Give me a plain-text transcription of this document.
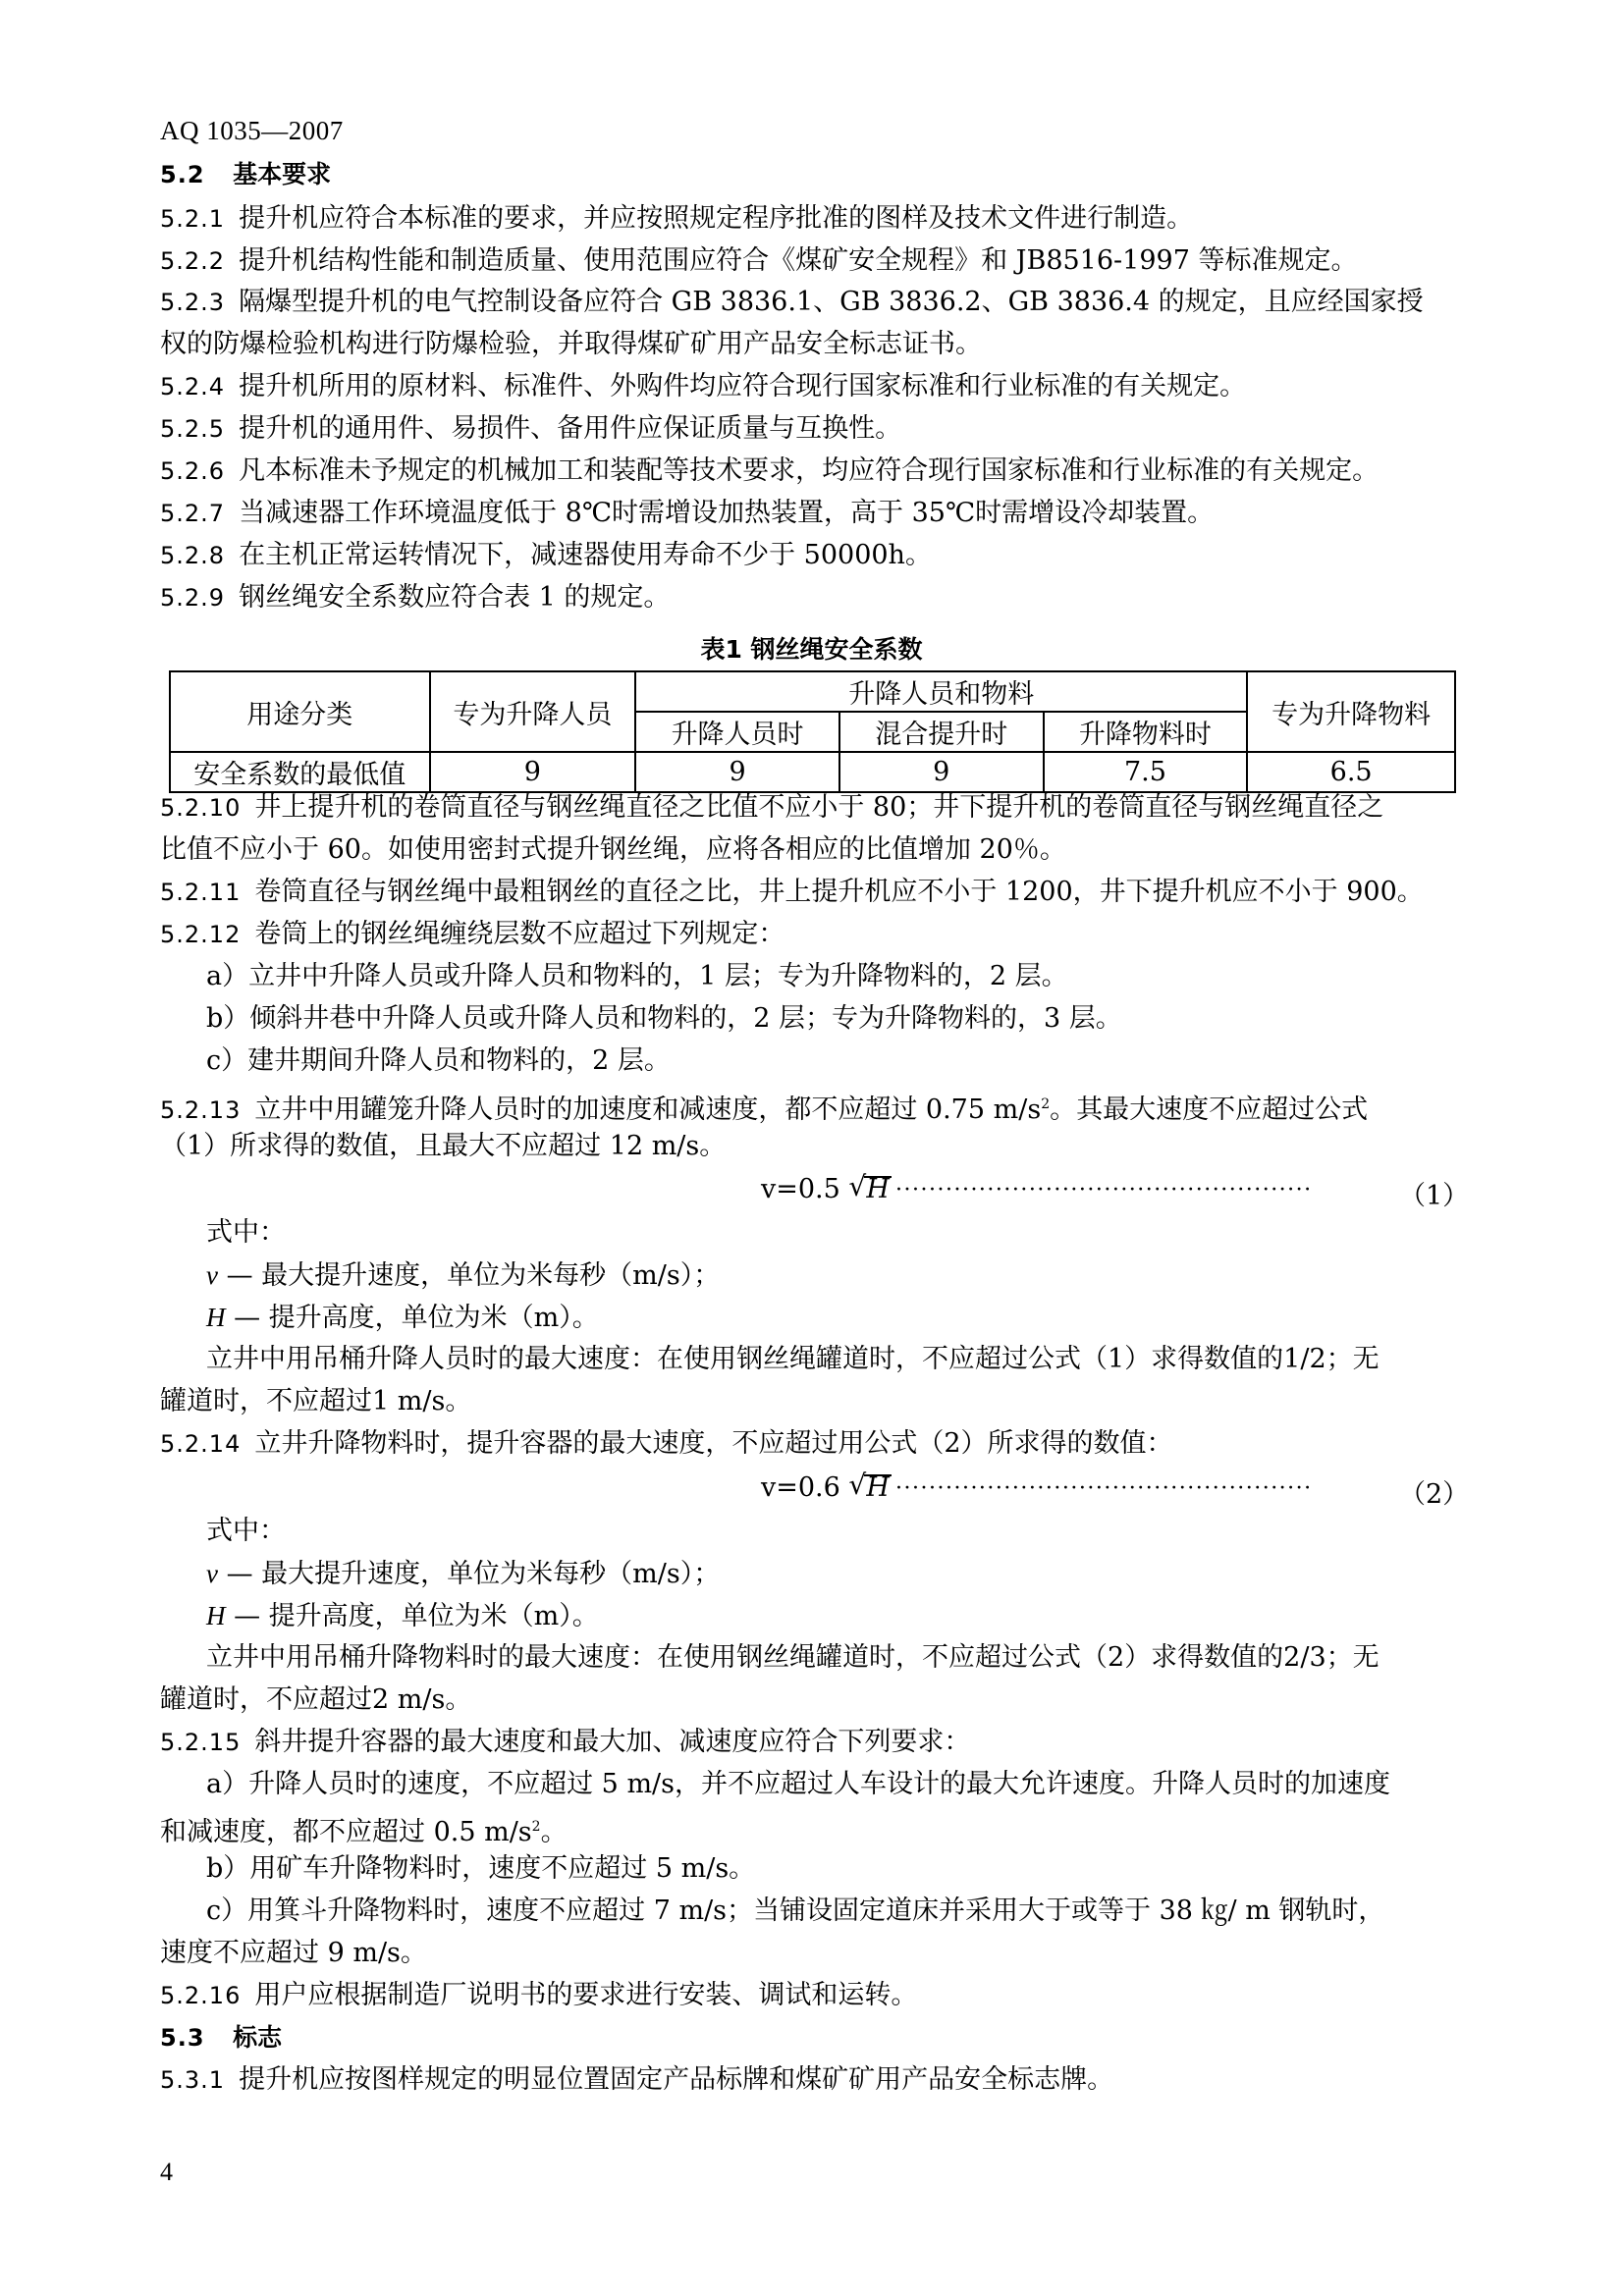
AQ 1035—2007
5.2 基本要求
5.2.1 提升机应符合本标准的要求，并应按照规定程序批准的图样及技术文件进行制造。
5.2.2 提升机结构性能和制造质量、使用范围应符合《煤矿安全规程》和 JB8516-1997 等标准规定。
5.2.3 隔爆型提升机的电气控制设备应符合 GB 3836.1、GB 3836.2、GB 3836.4 的规定，且应经国家授
权的防爆检验机构进行防爆检验，并取得煤矿矿用产品安全标志证书。
5.2.4 提升机所用的原材料、标准件、外购件均应符合现行国家标准和行业标准的有关规定。
5.2.5 提升机的通用件、易损件、备用件应保证质量与互换性。
5.2.6 凡本标准未予规定的机械加工和装配等技术要求，均应符合现行国家标准和行业标准的有关规定。
5.2.7 当减速器工作环境温度低于 8℃时需增设加热装置，高于 35℃时需增设冷却装置。
5.2.8 在主机正常运转情况下，减速器使用寿命不少于 50000h。
5.2.9 钢丝绳安全系数应符合表 1 的规定。
表1 钢丝绳安全系数
用途分类	专为升降人员	升降人员和物料			专为升降物料
		升降人员时	混合提升时	升降物料时	
安全系数的最低值	9	9	9	7.5	6.5
5.2.10 井上提升机的卷筒直径与钢丝绳直径之比值不应小于 80；井下提升机的卷筒直径与钢丝绳直径之
比值不应小于 60。如使用密封式提升钢丝绳，应将各相应的比值增加 20％。
5.2.11 卷筒直径与钢丝绳中最粗钢丝的直径之比，井上提升机应不小于 1200，井下提升机应不小于 900。
5.2.12 卷筒上的钢丝绳缠绕层数不应超过下列规定：
a）立井中升降人员或升降人员和物料的，1 层；专为升降物料的，2 层。
b）倾斜井巷中升降人员或升降人员和物料的，2 层；专为升降物料的，3 层。
c）建井期间升降人员和物料的，2 层。
5.2.13 立井中用罐笼升降人员时的加速度和减速度，都不应超过 0.75 $m/s^2$。其最大速度不应超过公式
（1）所求得的数值，且最大不应超过 12 m/s。
v=0.5 √ H ··················································	（1）
式中：
v — 最大提升速度，单位为米每秒（m/s）；
H — 提升高度，单位为米（m）。
立井中用吊桶升降人员时的最大速度：在使用钢丝绳罐道时，不应超过公式（1）求得数值的1/2；无
罐道时，不应超过1 m/s。
5.2.14 立井升降物料时，提升容器的最大速度，不应超过用公式（2）所求得的数值：
v=0.6 √ H ··················································	（2）
式中：
v — 最大提升速度，单位为米每秒（m/s）；
H — 提升高度，单位为米（m）。
立井中用吊桶升降物料时的最大速度：在使用钢丝绳罐道时，不应超过公式（2）求得数值的2/3；无
罐道时，不应超过2 m/s。
5.2.15 斜井提升容器的最大速度和最大加、减速度应符合下列要求：
a）升降人员时的速度，不应超过 5 m/s，并不应超过人车设计的最大允许速度。升降人员时的加速度
和减速度，都不应超过 0.5 $m/s^2$。
b）用矿车升降物料时，速度不应超过 5 m/s。
c）用箕斗升降物料时，速度不应超过 7 m/s；当铺设固定道床并采用大于或等于 38 ㎏/ m 钢轨时，
速度不应超过 9 m/s。
5.2.16 用户应根据制造厂说明书的要求进行安装、调试和运转。
5.3 标志
5.3.1 提升机应按图样规定的明显位置固定产品标牌和煤矿矿用产品安全标志牌。
4
